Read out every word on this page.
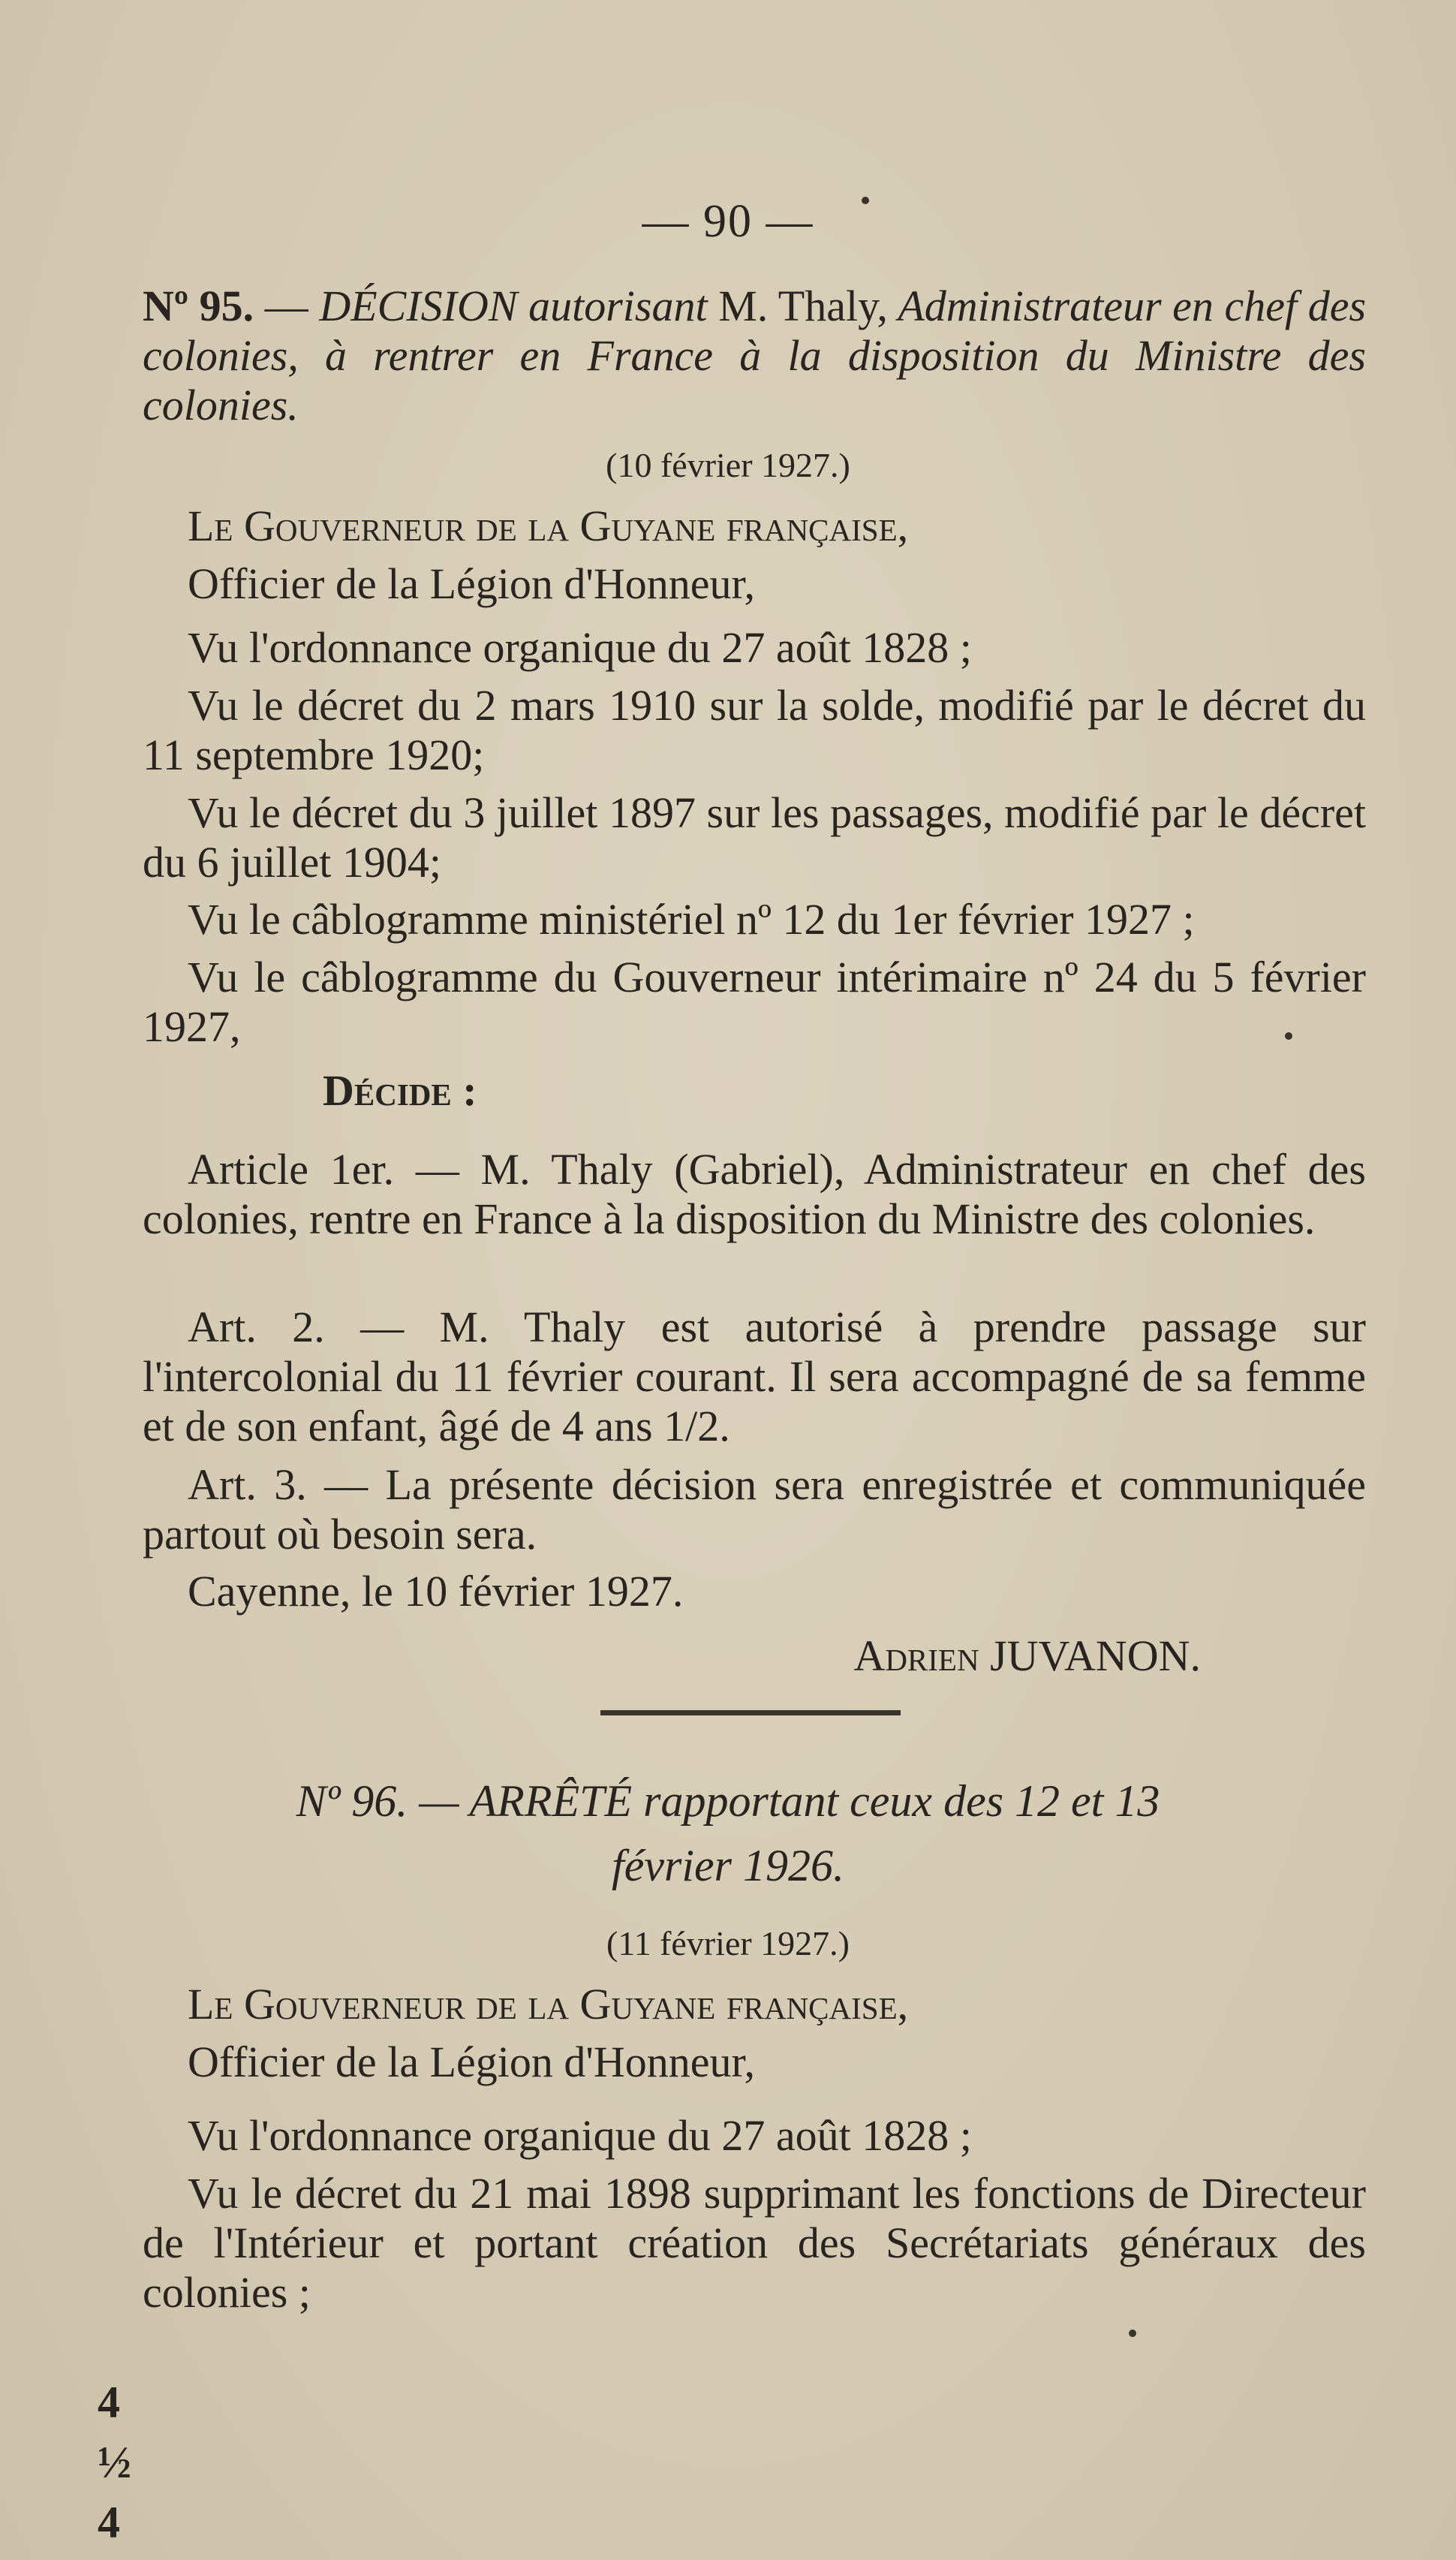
— 90 —
Nº 95. — DÉCISION autorisant M. Thaly, Administrateur en chef des colonies, à rentrer en France à la disposition du Ministre des colonies.
(10 février 1927.)
Le Gouverneur de la Guyane française,
Officier de la Légion d'Honneur,
Vu l'ordonnance organique du 27 août 1828 ;
Vu le décret du 2 mars 1910 sur la solde, modifié par le décret du 11 septembre 1920;
Vu le décret du 3 juillet 1897 sur les passages, modifié par le décret du 6 juillet 1904;
Vu le câblogramme ministériel nº 12 du 1er février 1927 ;
Vu le câblogramme du Gouverneur intérimaire nº 24 du 5 février 1927,
Décide :
Article 1er. — M. Thaly (Gabriel), Administrateur en chef des colonies, rentre en France à la disposition du Ministre des colonies.
Art. 2. — M. Thaly est autorisé à prendre passage sur l'intercolonial du 11 février courant. Il sera accompagné de sa femme et de son enfant, âgé de 4 ans 1/2.
Art. 3. — La présente décision sera enregistrée et communiquée partout où besoin sera.
Cayenne, le 10 février 1927.
Adrien JUVANON.
Nº 96. — ARRÊTÉ rapportant ceux des 12 et 13
février 1926.
(11 février 1927.)
Le Gouverneur de la Guyane française,
Officier de la Légion d'Honneur,
Vu l'ordonnance organique du 27 août 1828 ;
Vu le décret du 21 mai 1898 supprimant les fonctions de Directeur de l'Intérieur et portant création des Secrétariats généraux des colonies ;
4
½
4
